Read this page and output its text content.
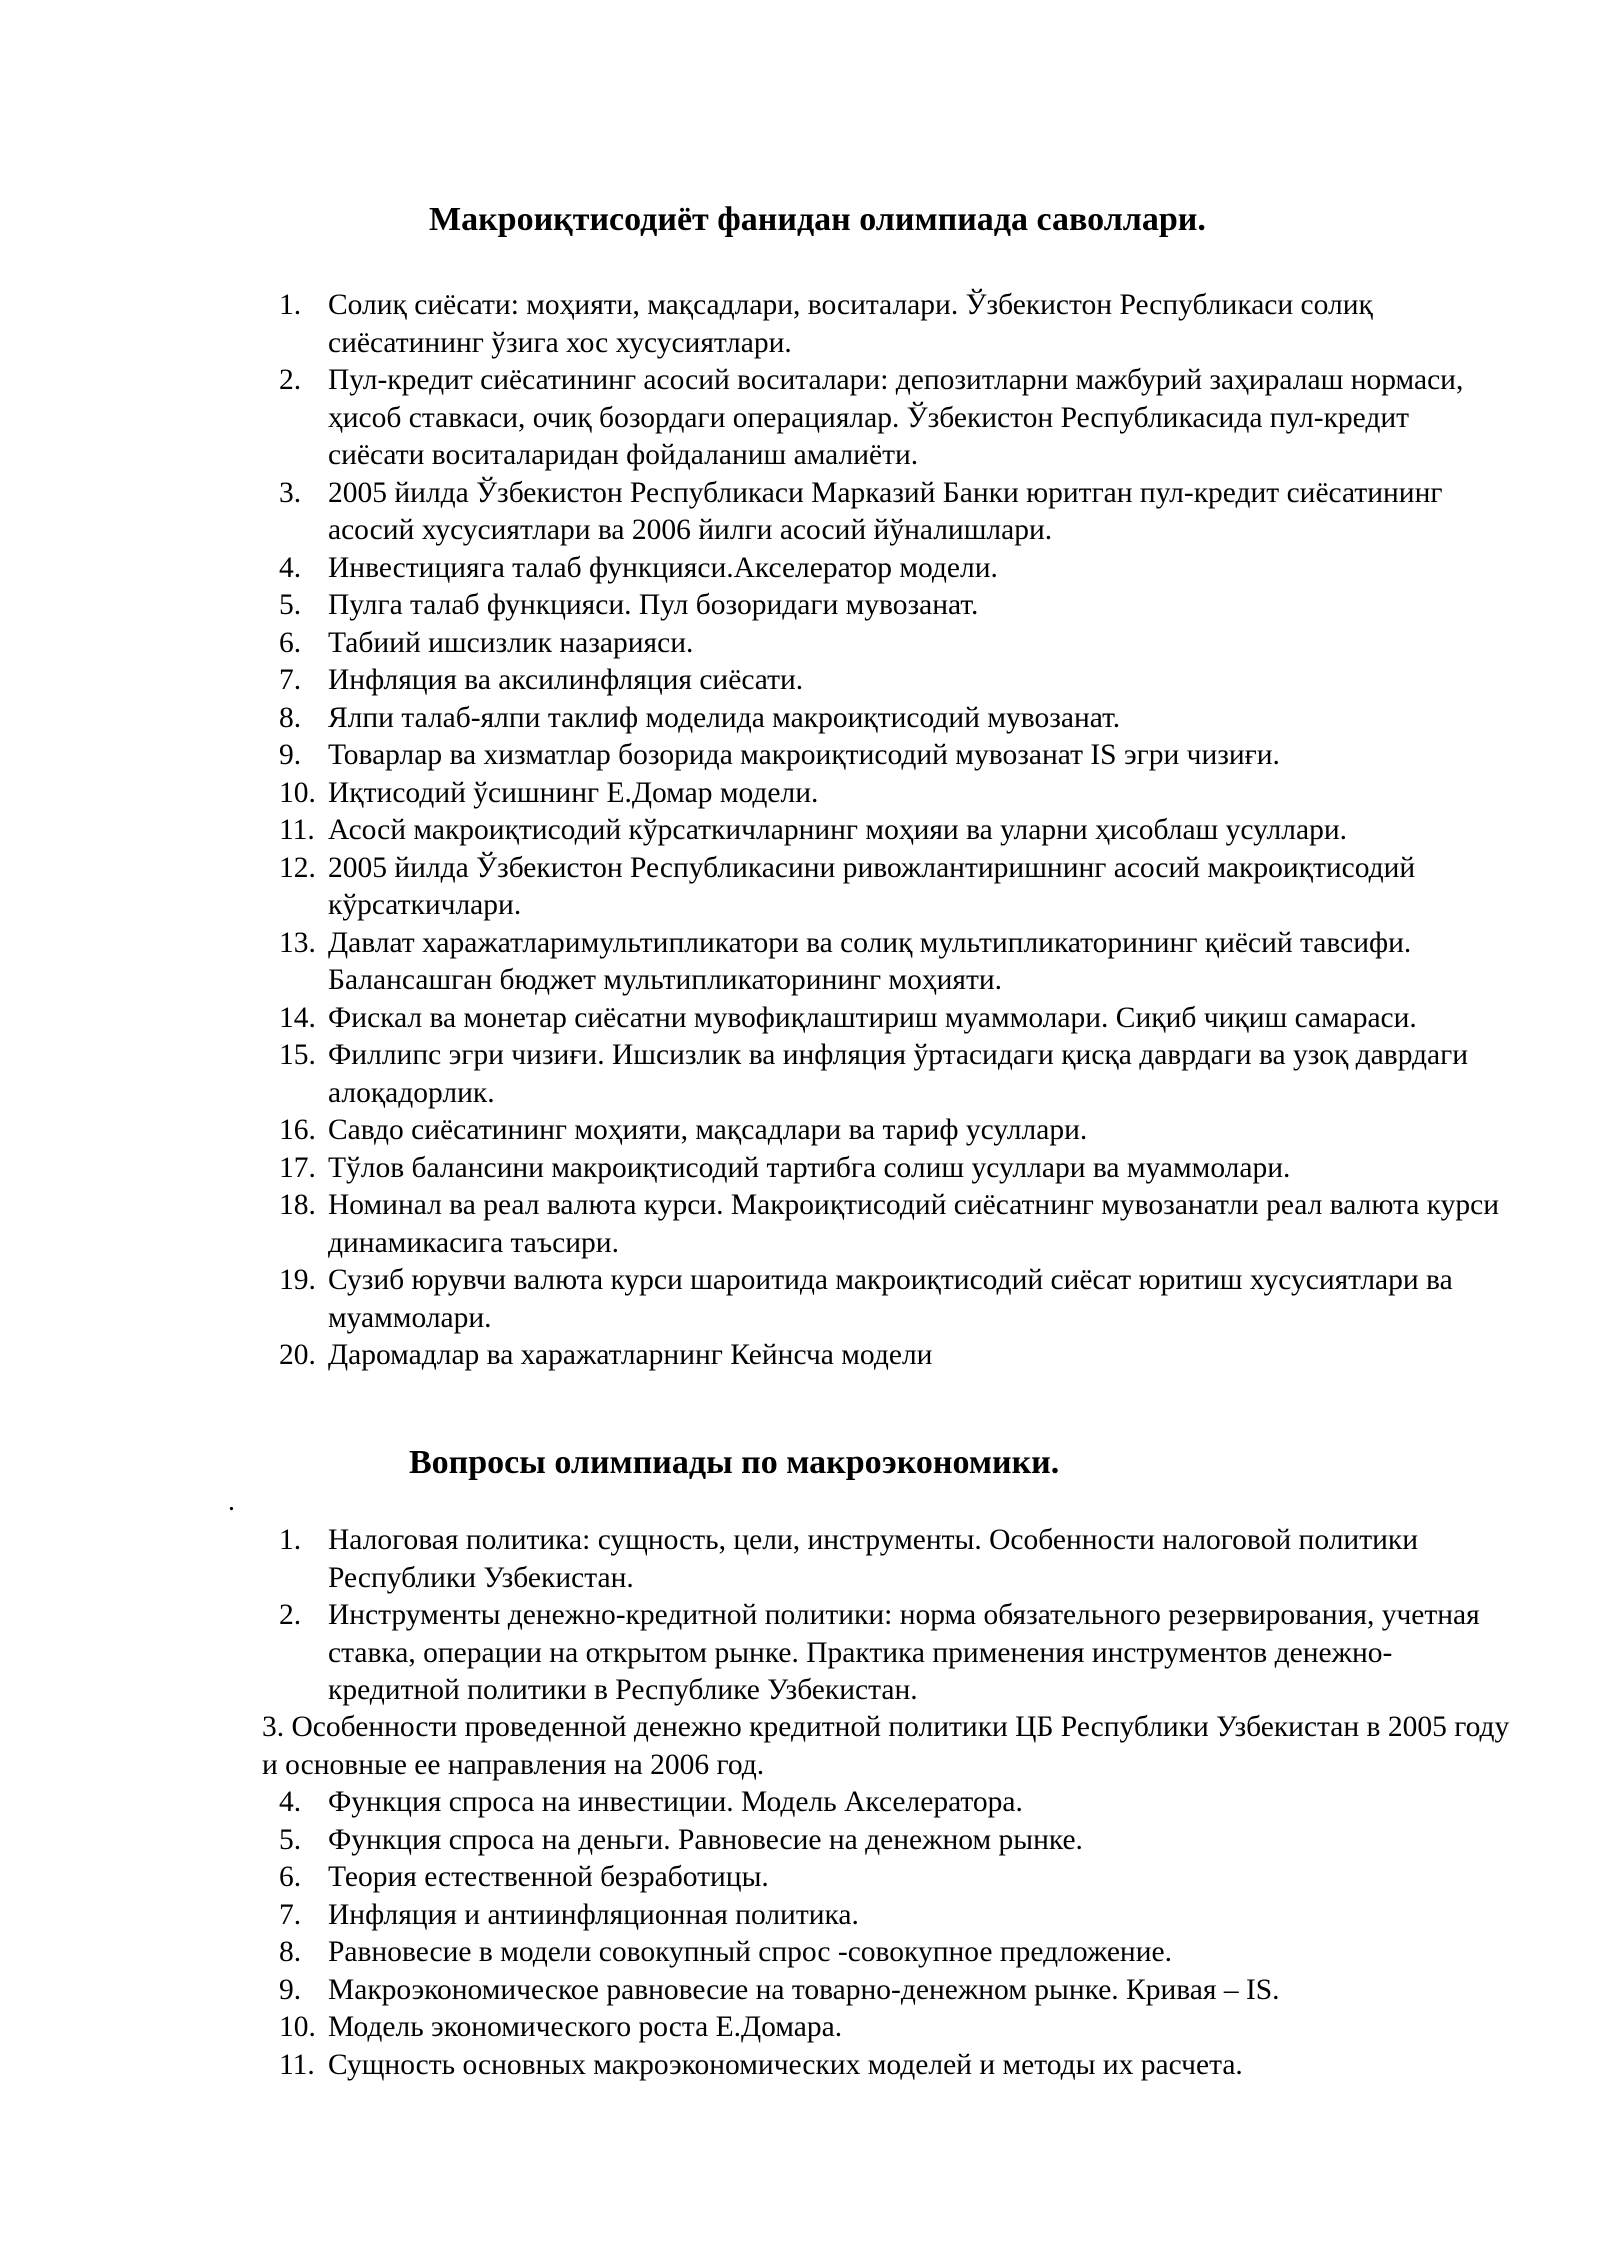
Макроиқтисодиёт фанидан олимпиада саволлари.
1. Солиқ сиёсати: моҳияти, мақсадлари, воситалари. Ўзбекистон Республикаси солиқ сиёсатининг ўзига хос хусусиятлари.
2. Пул-кредит сиёсатининг асосий воситалари: депозитларни мажбурий заҳиралаш нормаси, ҳисоб ставкаси, очиқ бозордаги операциялар. Ўзбекистон Республикасида пул-кредит сиёсати воситаларидан фойдаланиш амалиёти.
3. 2005 йилда Ўзбекистон Республикаси Марказий Банки юритган пул-кредит сиёсатининг асосий хусусиятлари ва 2006 йилги асосий йўналишлари.
4. Инвестицияга талаб функцияси.Акселератор модели.
5. Пулга талаб функцияси. Пул бозоридаги мувозанат.
6. Табиий ишсизлик назарияси.
7. Инфляция ва аксилинфляция сиёсати.
8. Ялпи талаб-ялпи таклиф моделида макроиқтисодий мувозанат.
9. Товарлар ва хизматлар бозорида макроиқтисодий мувозанат IS эгри чизиғи.
10. Иқтисодий ўсишнинг Е.Домар модели.
11. Асосй макроиқтисодий кўрсаткичларнинг моҳияи ва уларни ҳисоблаш усуллари.
12. 2005 йилда Ўзбекистон Республикасини ривожлантиришнинг асосий макроиқтисодий кўрсаткичлари.
13. Давлат харажатларимультипликатори ва солиқ мультипликаторининг қиёсий тавсифи. Балансашган бюджет мультипликаторининг моҳияти.
14. Фискал ва монетар сиёсатни мувофиқлаштириш муаммолари. Сиқиб чиқиш самараси.
15. Филлипс эгри чизиғи. Ишсизлик ва инфляция ўртасидаги қисқа даврдаги ва узоқ даврдаги алоқадорлик.
16. Савдо сиёсатининг моҳияти, мақсадлари ва тариф усуллари.
17. Тўлов балансини макроиқтисодий тартибга солиш усуллари ва муаммолари.
18. Номинал ва реал валюта курси. Макроиқтисодий сиёсатнинг мувозанатли реал валюта курси динамикасига таъсири.
19. Сузиб юрувчи валюта курси шароитида макроиқтисодий сиёсат юритиш хусусиятлари ва муаммолари.
20. Даромадлар ва харажатларнинг Кейнсча модели
Вопросы олимпиады по макроэкономики.
.
1. Налоговая политика: сущность, цели, инструменты. Особенности налоговой политики Республики Узбекистан.
2. Инструменты денежно-кредитной политики: норма обязательного резервирования, учетная ставка, операции на открытом рынке. Практика применения инструментов денежно-кредитной политики в Республике Узбекистан.
3. Особенности проведенной денежно кредитной политики ЦБ Республики Узбекистан в 2005 году и основные ее направления на 2006 год.
4. Функция спроса на инвестиции. Модель Акселератора.
5. Функция спроса на деньги. Равновесие на денежном рынке.
6. Теория естественной безработицы.
7. Инфляция и антиинфляционная политика.
8. Равновесие в модели совокупный спрос -совокупное предложение.
9. Макроэкономическое равновесие на товарно-денежном рынке. Кривая – IS.
10. Модель экономического роста Е.Домара.
11. Сущность основных макроэкономических моделей и методы их расчета.
